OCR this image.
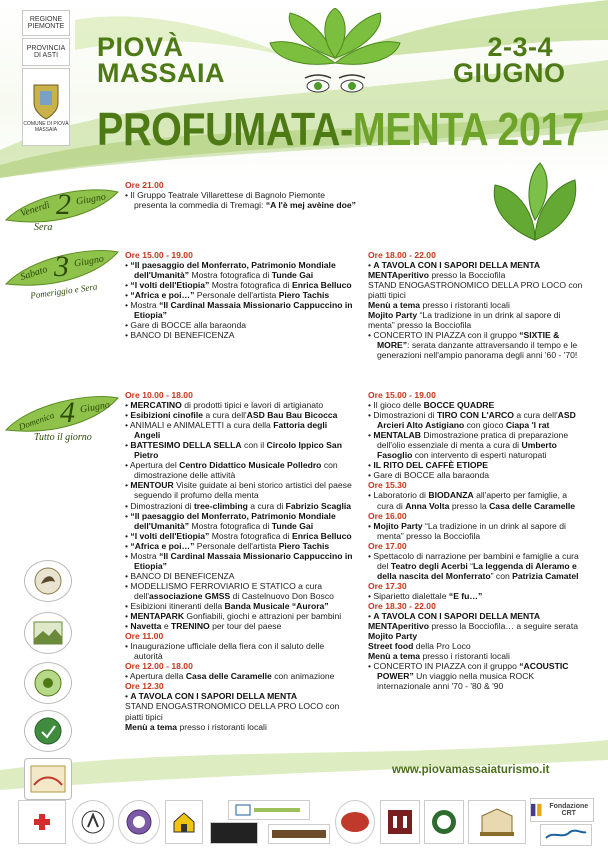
PIOVÀ
MASSAIA
2-3-4
GIUGNO
PROFUMATA-MENTA 2017
REGIONE PIEMONTE
PROVINCIA DI ASTI
COMUNE DI PIOVÀ MASSAIA
Venerdì 2 Giugno
Sera
Sabato 3 Giugno
Pomeriggio e Sera
Domenica 4 Giugno
Tutto il giorno
Ore 21.00
• Il Gruppo Teatrale Villarettese di Bagnolo Piemonte
presenta la commedia di Tremagi: “A l'è mej avèine doe”
Ore 15.00 - 19.00
• “Il paesaggio del Monferrato, Patrimonio Mondiale dell'Umanità” Mostra fotografica di Tunde Gai
• “I volti dell'Etiopia” Mostra fotografica di Enrica Belluco
• “Africa e poi…” Personale dell'artista Piero Tachis
• Mostra “Il Cardinal Massaia Missionario Cappuccino in Etiopia”
• Gare di BOCCE alla baraonda
• BANCO DI BENEFICENZA
Ore 18.00 - 22.00
• A TAVOLA CON I SAPORI DELLA MENTA
MENTAperitivo presso la Bocciofila
STAND ENOGASTRONOMICO DELLA PRO LOCO con piatti tipici
Menù a tema presso i ristoranti locali
Mojito Party “La tradizione in un drink al sapore di menta” presso la Bocciofila
• CONCERTO IN PIAZZA con il gruppo “SIXTIE & MORE”: serata danzante attraversando il tempo e le generazioni nell'ampio panorama degli anni '60 - '70!
Ore 10.00 - 18.00
• MERCATINO di prodotti tipici e lavori di artigianato
• Esibizioni cinofile a cura dell'ASD Bau Bau Bicocca
• ANIMALI e ANIMALETTI a cura della Fattoria degli Angeli
• BATTESIMO DELLA SELLA con il Circolo Ippico San Pietro
• Apertura del Centro Didattico Musicale Polledro con dimostrazione delle attività
• MENTOUR Visite guidate ai beni storico artistici del paese seguendo il profumo della menta
• Dimostrazioni di tree-climbing a cura di Fabrizio Scaglia
• “Il paesaggio del Monferrato, Patrimonio Mondiale dell'Umanità” Mostra fotografica di Tunde Gai
• “I volti dell'Etiopia” Mostra fotografica di Enrica Belluco
• “Africa e poi…” Personale dell'artista Piero Tachis
• Mostra “Il Cardinal Massaia Missionario Cappuccino in Etiopia”
• BANCO DI BENEFICENZA
• MODELLISMO FERROVIARIO E STATICO a cura dell'associazione GMSS di Castelnuovo Don Bosco
• Esibizioni itineranti della Banda Musicale “Aurora”
• MENTAPARK Gonfiabili, giochi e attrazioni per bambini
• Navetta e TRENINO per tour del paese
Ore 11.00
• Inaugurazione ufficiale della fiera con il saluto delle autorità
Ore 12.00 - 18.00
• Apertura della Casa delle Caramelle con animazione
Ore 12.30
• A TAVOLA CON I SAPORI DELLA MENTA
STAND ENOGASTRONOMICO DELLA PRO LOCO con piatti tipici
Menù a tema presso i ristoranti locali
Ore 15.00 - 19.00
• Il gioco delle BOCCE QUADRE
• Dimostrazioni di TIRO CON L'ARCO a cura dell'ASD Arcieri Alto Astigiano con gioco Ciapa 'l rat
• MENTALAB Dimostrazione pratica di preparazione dell'olio essenziale di menta a cura di Umberto Fasoglio con intervento di esperti naturopati
• IL RITO DEL CAFFÈ ETIOPE
• Gare di BOCCE alla baraonda
Ore 15.30
• Laboratorio di BIODANZA all'aperto per famiglie, a cura di Anna Volta presso la Casa delle Caramelle
Ore 16.00
• Mojito Party “La tradizione in un drink al sapore di menta” presso la Bocciofila
Ore 17.00
• Spettacolo di narrazione per bambini e famiglie a cura del Teatro degli Acerbi “La leggenda di Aleramo e della nascita del Monferrato” con Patrizia Camatel
Ore 17.30
• Siparietto dialettale “E fu…”
Ore 18.30 - 22.00
• A TAVOLA CON I SAPORI DELLA MENTA
MENTAperitivo presso la Bocciofila… a seguire serata
Mojito Party
Street food della Pro Loco
Menù a tema presso i ristoranti locali
• CONCERTO IN PIAZZA con il gruppo “ACOUSTIC POWER” Un viaggio nella musica ROCK internazionale anni '70 - '80 & '90
www.piovamassaiaturismo.it
Fondazione CRT
